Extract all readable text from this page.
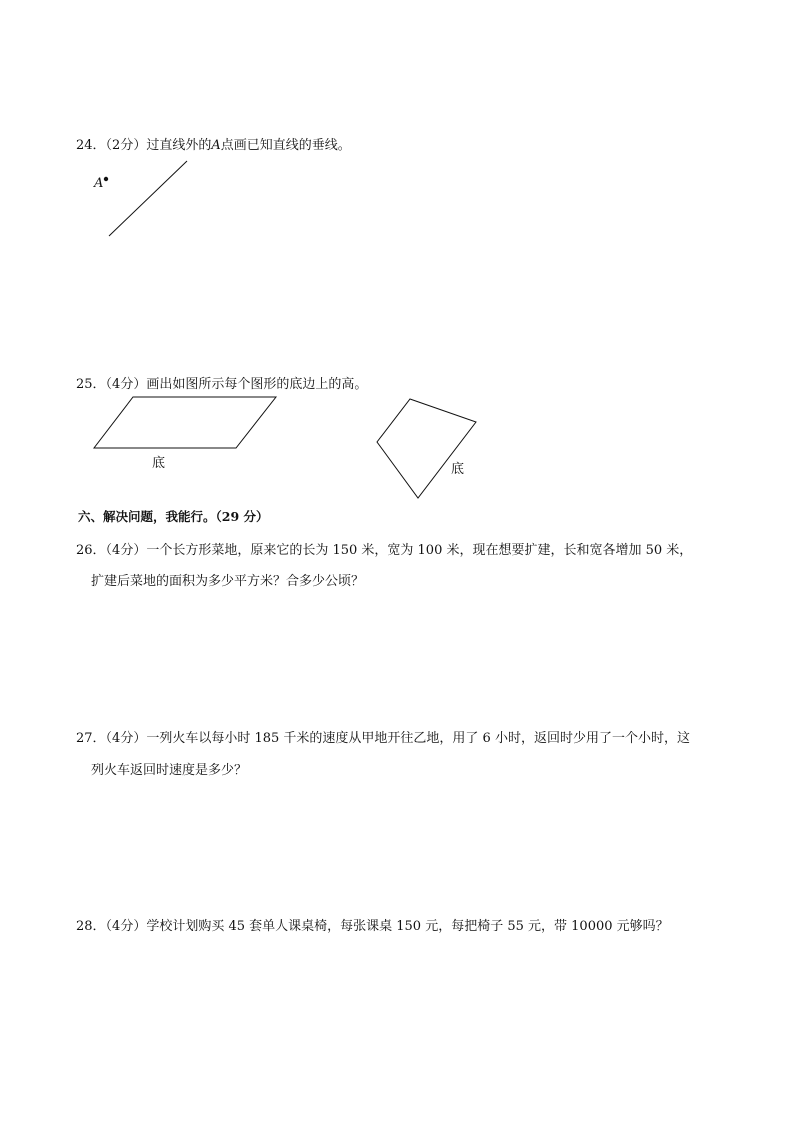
24．（2分）过直线外的A点画已知直线的垂线。
A
25．（4分）画出如图所示每个图形的底边上的高。
底	底
六、解决问题，我能行。（29 分）
26．（4分）一个长方形菜地，原来它的长为 150 米，宽为 100 米，现在想要扩建，长和宽各增加 50 米，
扩建后菜地的面积为多少平方米？合多少公顷？
27．（4分）一列火车以每小时 185 千米的速度从甲地开往乙地，用了 6 小时，返回时少用了一个小时，这
列火车返回时速度是多少？
28．（4分）学校计划购买 45 套单人课桌椅，每张课桌 150 元，每把椅子 55 元，带 10000 元够吗？
